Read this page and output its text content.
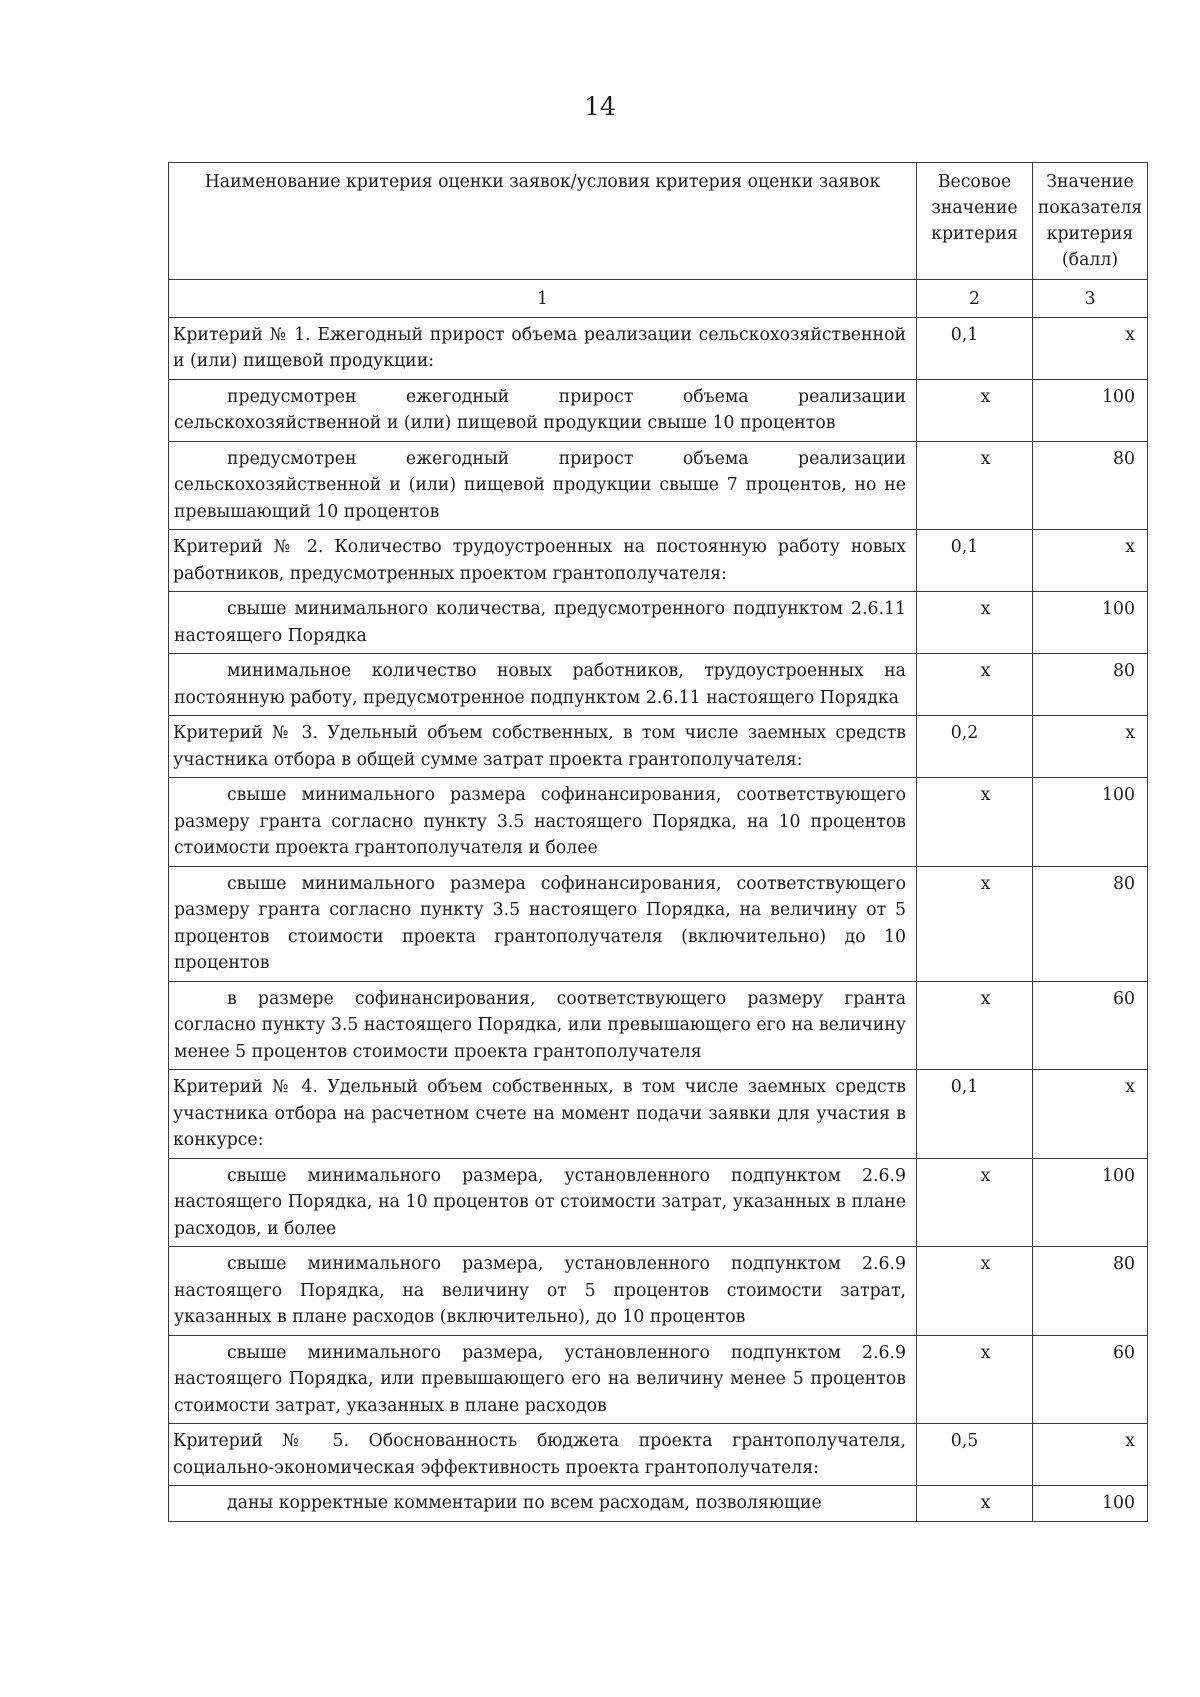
14
Наименование критерия оценки заявок/условия критерия оценки заявок	Весовое значение критерия	Значение показателя критерия (балл)
1	2	3
Критерий № 1. Ежегодный прирост объема реализации сельскохозяйственной и (или) пищевой продукции:	0,1	х
предусмотрен ежегодный прирост объема реализации сельскохозяйственной и (или) пищевой продукции свыше 10 процентов	х	100
предусмотрен ежегодный прирост объема реализации сельскохозяйственной и (или) пищевой продукции свыше 7 процентов, но не превышающий 10 процентов	х	80
Критерий № 2. Количество трудоустроенных на постоянную работу новых работников, предусмотренных проектом грантополучателя:	0,1	х
свыше минимального количества, предусмотренного подпунктом 2.6.11 настоящего Порядка	х	100
минимальное количество новых работников, трудоустроенных на постоянную работу, предусмотренное подпунктом 2.6.11 настоящего Порядка	х	80
Критерий № 3. Удельный объем собственных, в том числе заемных средств участника отбора в общей сумме затрат проекта грантополучателя:	0,2	х
свыше минимального размера софинансирования, соответствующего размеру гранта согласно пункту 3.5 настоящего Порядка, на 10 процентов стоимости проекта грантополучателя и более	х	100
свыше минимального размера софинансирования, соответствующего размеру гранта согласно пункту 3.5 настоящего Порядка, на величину от 5 процентов стоимости проекта грантополучателя (включительно) до 10 процентов	х	80
в размере софинансирования, соответствующего размеру гранта согласно пункту 3.5 настоящего Порядка, или превышающего его на величину менее 5 процентов стоимости проекта грантополучателя	х	60
Критерий № 4. Удельный объем собственных, в том числе заемных средств участника отбора на расчетном счете на момент подачи заявки для участия в конкурсе:	0,1	х
свыше минимального размера, установленного подпунктом 2.6.9 настоящего Порядка, на 10 процентов от стоимости затрат, указанных в плане расходов, и более	х	100
свыше минимального размера, установленного подпунктом 2.6.9 настоящего Порядка, на величину от 5 процентов стоимости затрат, указанных в плане расходов (включительно), до 10 процентов	х	80
свыше минимального размера, установленного подпунктом 2.6.9 настоящего Порядка, или превышающего его на величину менее 5 процентов стоимости затрат, указанных в плане расходов	х	60
Критерий № 5. Обоснованность бюджета проекта грантополучателя, социально-экономическая эффективность проекта грантополучателя:	0,5	х
даны корректные комментарии по всем расходам, позволяющие	х	100
